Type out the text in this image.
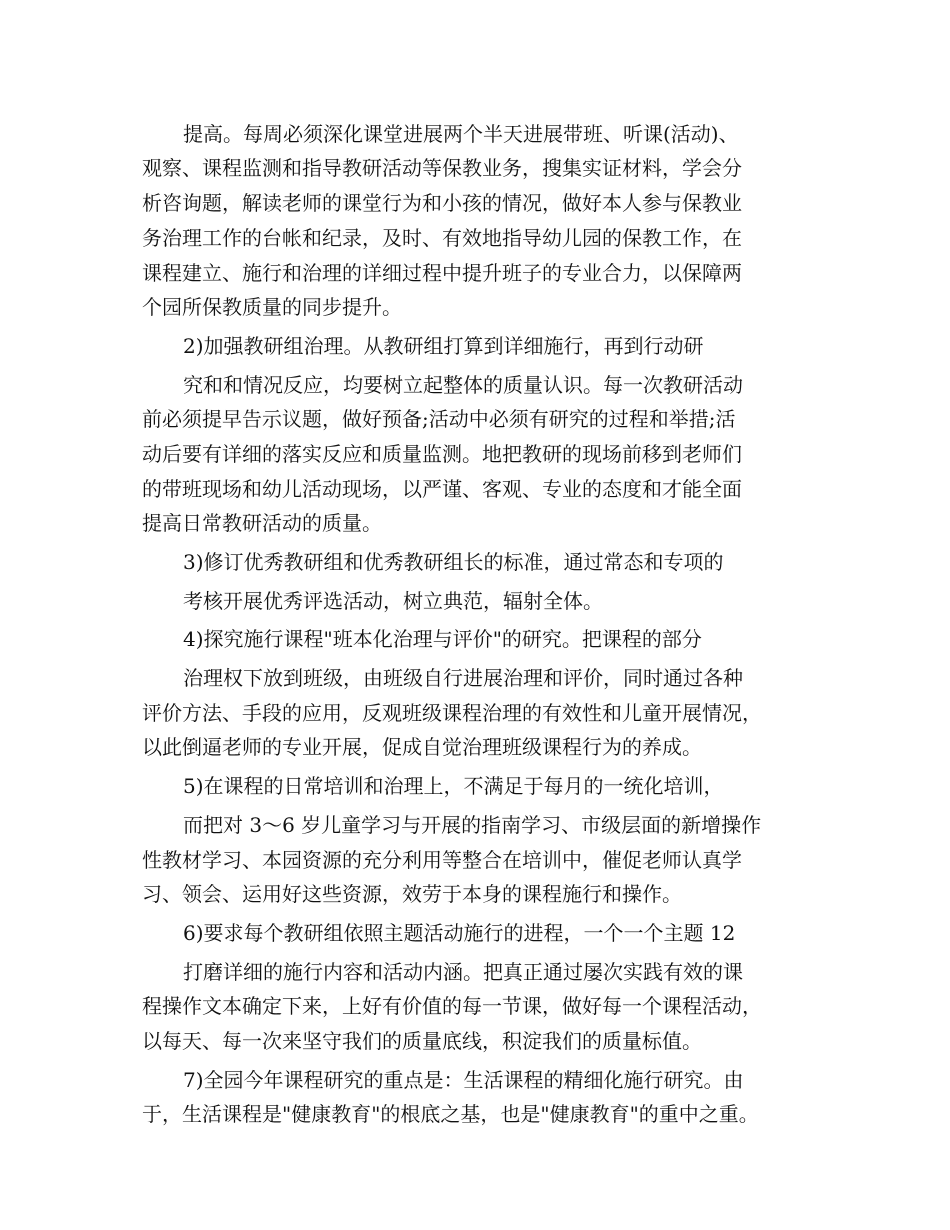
提高。每周必须深化课堂进展两个半天进展带班、听课(活动)、
观察、课程监测和指导教研活动等保教业务，搜集实证材料，学会分
析咨询题，解读老师的课堂行为和小孩的情况，做好本人参与保教业
务治理工作的台帐和纪录，及时、有效地指导幼儿园的保教工作，在
课程建立、施行和治理的详细过程中提升班子的专业合力，以保障两
个园所保教质量的同步提升。
2)加强教研组治理。从教研组打算到详细施行，再到行动研
究和和情况反应，均要树立起整体的质量认识。每一次教研活动
前必须提早告示议题，做好预备;活动中必须有研究的过程和举措;活
动后要有详细的落实反应和质量监测。地把教研的现场前移到老师们
的带班现场和幼儿活动现场，以严谨、客观、专业的态度和才能全面
提高日常教研活动的质量。
3)修订优秀教研组和优秀教研组长的标准，通过常态和专项的
考核开展优秀评选活动，树立典范，辐射全体。
4)探究施行课程"班本化治理与评价"的研究。把课程的部分
治理权下放到班级，由班级自行进展治理和评价，同时通过各种
评价方法、手段的应用，反观班级课程治理的有效性和儿童开展情况，
以此倒逼老师的专业开展，促成自觉治理班级课程行为的养成。
5)在课程的日常培训和治理上，不满足于每月的一统化培训，
而把对 3～6 岁儿童学习与开展的指南学习、市级层面的新增操作
性教材学习、本园资源的充分利用等整合在培训中，催促老师认真学
习、领会、运用好这些资源，效劳于本身的课程施行和操作。
6)要求每个教研组依照主题活动施行的进程，一个一个主题 12
打磨详细的施行内容和活动内涵。把真正通过屡次实践有效的课
程操作文本确定下来，上好有价值的每一节课，做好每一个课程活动，
以每天、每一次来坚守我们的质量底线，积淀我们的质量标值。
7)全园今年课程研究的重点是：生活课程的精细化施行研究。由
于，生活课程是"健康教育"的根底之基，也是"健康教育"的重中之重。
